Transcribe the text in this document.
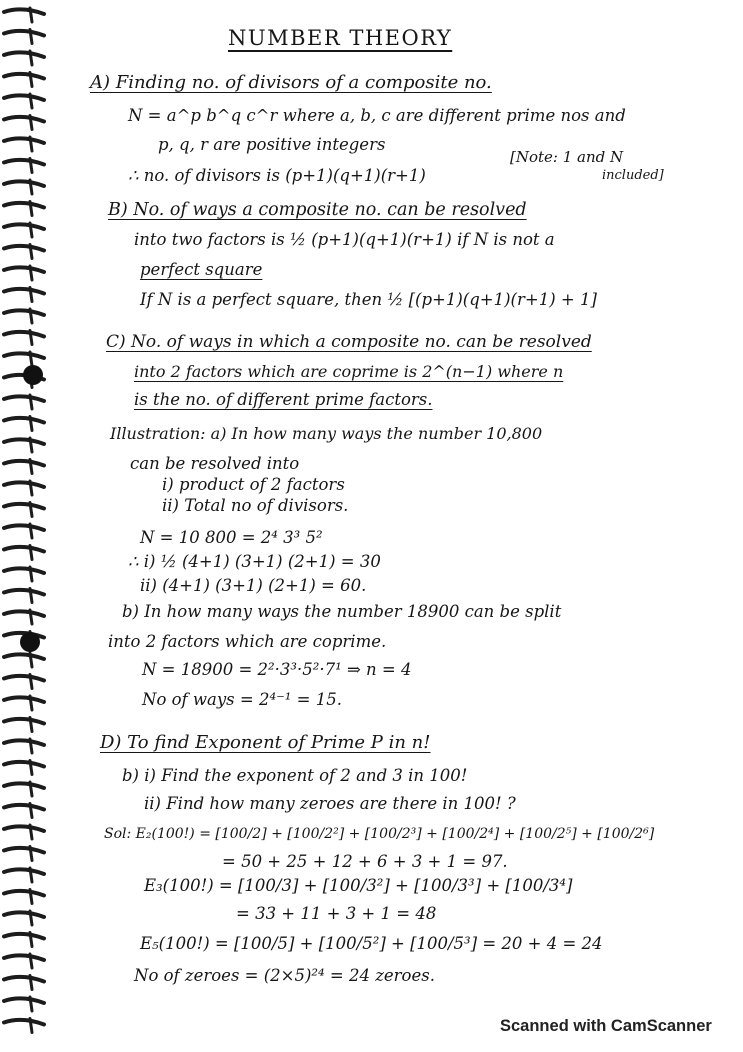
NUMBER THEORY
A) Finding no. of divisors of a composite no.
N = a^p b^q c^r where a, b, c are different prime nos and
p, q, r are positive integers
∴ no. of divisors is (p+1)(q+1)(r+1)
[Note: 1 and N
included]
B) No. of ways a composite no. can be resolved
into two factors is ½ (p+1)(q+1)(r+1) if N is not a
perfect square
If N is a perfect square, then ½ [(p+1)(q+1)(r+1) + 1]
C) No. of ways in which a composite no. can be resolved
into 2 factors which are coprime is 2^(n−1) where n
is the no. of different prime factors.
Illustration: a) In how many ways the number 10,800
can be resolved into
i) product of 2 factors
ii) Total no of divisors.
N = 10 800 = 2⁴ 3³ 5²
∴ i) ½ (4+1) (3+1) (2+1) = 30
ii) (4+1) (3+1) (2+1) = 60.
b) In how many ways the number 18900 can be split
into 2 factors which are coprime.
N = 18900 = 2²·3³·5²·7¹ ⇒ n = 4
No of ways = 2⁴⁻¹ = 15.
D) To find Exponent of Prime P in n!
b) i) Find the exponent of 2 and 3 in 100!
ii) Find how many zeroes are there in 100! ?
Sol: E₂(100!) = [100/2] + [100/2²] + [100/2³] + [100/2⁴] + [100/2⁵] + [100/2⁶]
= 50 + 25 + 12 + 6 + 3 + 1 = 97.
E₃(100!) = [100/3] + [100/3²] + [100/3³] + [100/3⁴]
= 33 + 11 + 3 + 1 = 48
E₅(100!) = [100/5] + [100/5²] + [100/5³] = 20 + 4 = 24
No of zeroes = (2×5)²⁴ = 24 zeroes.
Scanned with CamScanner
